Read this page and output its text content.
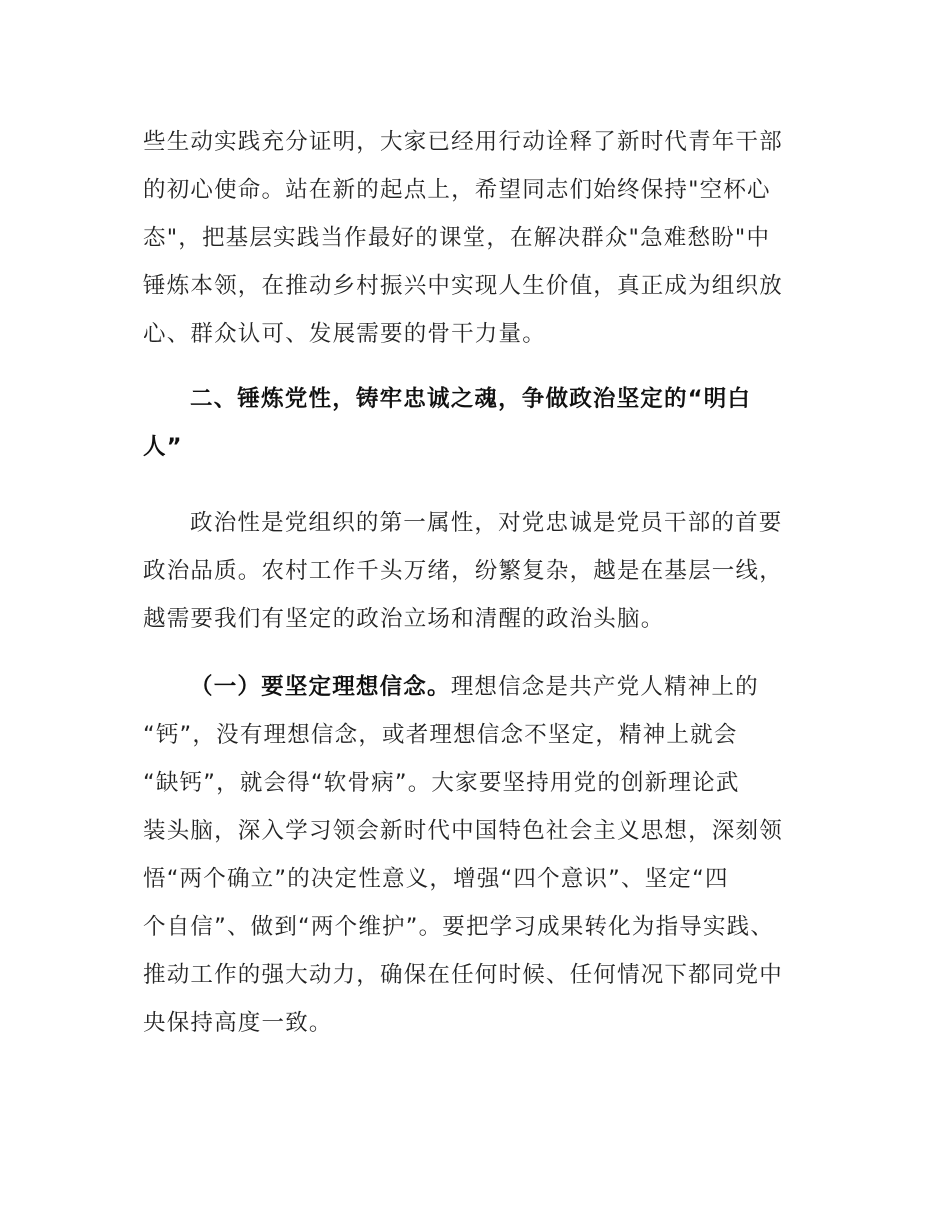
些生动实践充分证明，大家已经用行动诠释了新时代青年干部
的初心使命。站在新的起点上，希望同志们始终保持"空杯心
态"，把基层实践当作最好的课堂，在解决群众"急难愁盼"中
锤炼本领，在推动乡村振兴中实现人生价值，真正成为组织放
心、群众认可、发展需要的骨干力量。
二、锤炼党性，铸牢忠诚之魂，争做政治坚定的“明白
人”
政治性是党组织的第一属性，对党忠诚是党员干部的首要
政治品质。农村工作千头万绪，纷繁复杂，越是在基层一线，
越需要我们有坚定的政治立场和清醒的政治头脑。
（一）要坚定理想信念。理想信念是共产党人精神上的
“钙”，没有理想信念，或者理想信念不坚定，精神上就会
“缺钙”，就会得“软骨病”。大家要坚持用党的创新理论武
装头脑，深入学习领会新时代中国特色社会主义思想，深刻领
悟“两个确立”的决定性意义，增强“四个意识”、坚定“四
个自信”、做到“两个维护”。要把学习成果转化为指导实践、
推动工作的强大动力，确保在任何时候、任何情况下都同党中
央保持高度一致。
